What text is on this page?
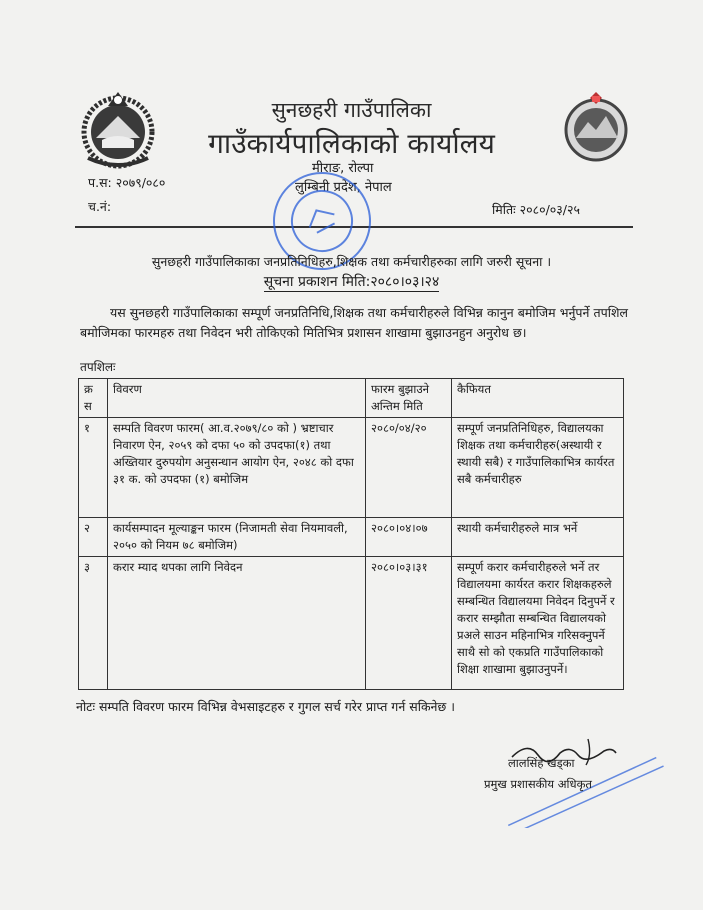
सुनछहरी गाउँपालिका
गाउँकार्यपालिकाको कार्यालय
मीराङ, रोल्पा
लुम्बिनी प्रदेश, नेपाल
प.स: २०७९/०८०
च.नं:	मितिः २०८०/०३/२५
सुनछहरी गाउँपालिकाका जनप्रतिनिधिहरु,शिक्षक तथा कर्मचारीहरुका लागि जरुरी सूचना ।
सूचना प्रकाशन मिति:२०८०।०३।२४
यस सुनछहरी गाउँपालिकाका सम्पूर्ण जनप्रतिनिधि,शिक्षक तथा कर्मचारीहरुले विभिन्न कानुन बमोजिम भर्नुपर्ने तपशिल बमोजिमका फारमहरु तथा निवेदन भरी तोकिएको मितिभित्र प्रशासन शाखामा बुझाउनहुन अनुरोध छ।
तपशिलः
क्र स	विवरण	फारम बुझाउने अन्तिम मिति	कैफियत
१	सम्पति विवरण फारम( आ.व.२०७९/८० को ) भ्रष्टाचार निवारण ऐन, २०५९ को दफा ५० को उपदफा(१) तथा अख्तियार दुरुपयोग अनुसन्धान आयोग ऐन, २०४८ को दफा ३१ क. को उपदफा (१) बमोजिम	२०८०/०४/२०	सम्पूर्ण जनप्रतिनिधिहरु, विद्यालयका शिक्षक तथा कर्मचारीहरु(अस्थायी र स्थायी सबै) र गाउँपालिकाभित्र कार्यरत सबै कर्मचारीहरु
२	कार्यसम्पादन मूल्याङ्कन फारम (निजामती सेवा नियमावली, २०५० को नियम ७८ बमोजिम)	२०८०।०४।०७	स्थायी कर्मचारीहरुले मात्र भर्ने
३	करार म्याद थपका लागि निवेदन	२०८०।०३।३१	सम्पूर्ण करार कर्मचारीहरुले भर्ने तर विद्यालयमा कार्यरत करार शिक्षकहरुले सम्बन्धित विद्यालयमा निवेदन दिनुपर्ने र करार सम्झौता सम्बन्धित विद्यालयको प्रअले साउन महिनाभित्र गरिसक्नुपर्ने साथै सो को एकप्रति गाउँपालिकाको शिक्षा शाखामा बुझाउनुपर्ने।
नोटः सम्पति विवरण फारम विभिन्न वेभसाइटहरु र गुगल सर्च गरेर प्राप्त गर्न सकिनेछ ।
लालसिंह खड्का
प्रमुख प्रशासकीय अधिकृत
